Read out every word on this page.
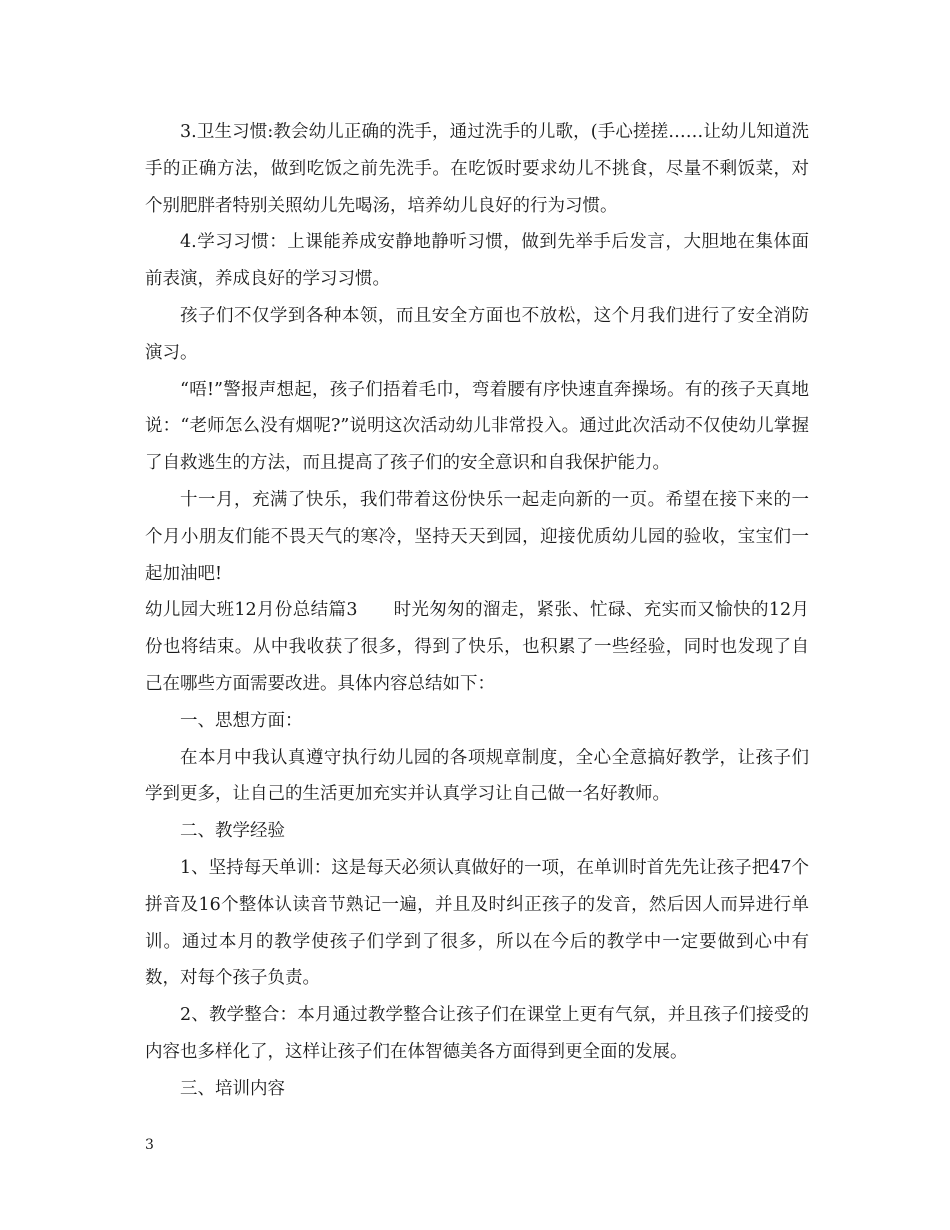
3.卫生习惯:教会幼儿正确的洗手，通过洗手的儿歌，(手心搓搓……让幼儿知道洗手的正确方法，做到吃饭之前先洗手。在吃饭时要求幼儿不挑食，尽量不剩饭菜，对个别肥胖者特别关照幼儿先喝汤，培养幼儿良好的行为习惯。

4.学习习惯：上课能养成安静地静听习惯，做到先举手后发言，大胆地在集体面前表演，养成良好的学习习惯。

孩子们不仅学到各种本领，而且安全方面也不放松，这个月我们进行了安全消防演习。

“唔!”警报声想起，孩子们捂着毛巾，弯着腰有序快速直奔操场。有的孩子天真地说：“老师怎么没有烟呢?”说明这次活动幼儿非常投入。通过此次活动不仅使幼儿掌握了自救逃生的方法，而且提高了孩子们的安全意识和自我保护能力。

十一月，充满了快乐，我们带着这份快乐一起走向新的一页。希望在接下来的一个月小朋友们能不畏天气的寒冷，坚持天天到园，迎接优质幼儿园的验收，宝宝们一起加油吧!

幼儿园大班12月份总结篇3　　时光匆匆的溜走，紧张、忙碌、充实而又愉快的12月份也将结束。从中我收获了很多，得到了快乐，也积累了一些经验，同时也发现了自己在哪些方面需要改进。具体内容总结如下：

一、思想方面：

在本月中我认真遵守执行幼儿园的各项规章制度，全心全意搞好教学，让孩子们学到更多，让自己的生活更加充实并认真学习让自己做一名好教师。

二、教学经验

1、坚持每天单训：这是每天必须认真做好的一项，在单训时首先先让孩子把47个拼音及16个整体认读音节熟记一遍，并且及时纠正孩子的发音，然后因人而异进行单训。通过本月的教学使孩子们学到了很多，所以在今后的教学中一定要做到心中有数，对每个孩子负责。

2、教学整合：本月通过教学整合让孩子们在课堂上更有气氛，并且孩子们接受的内容也多样化了，这样让孩子们在体智德美各方面得到更全面的发展。

三、培训内容

3
